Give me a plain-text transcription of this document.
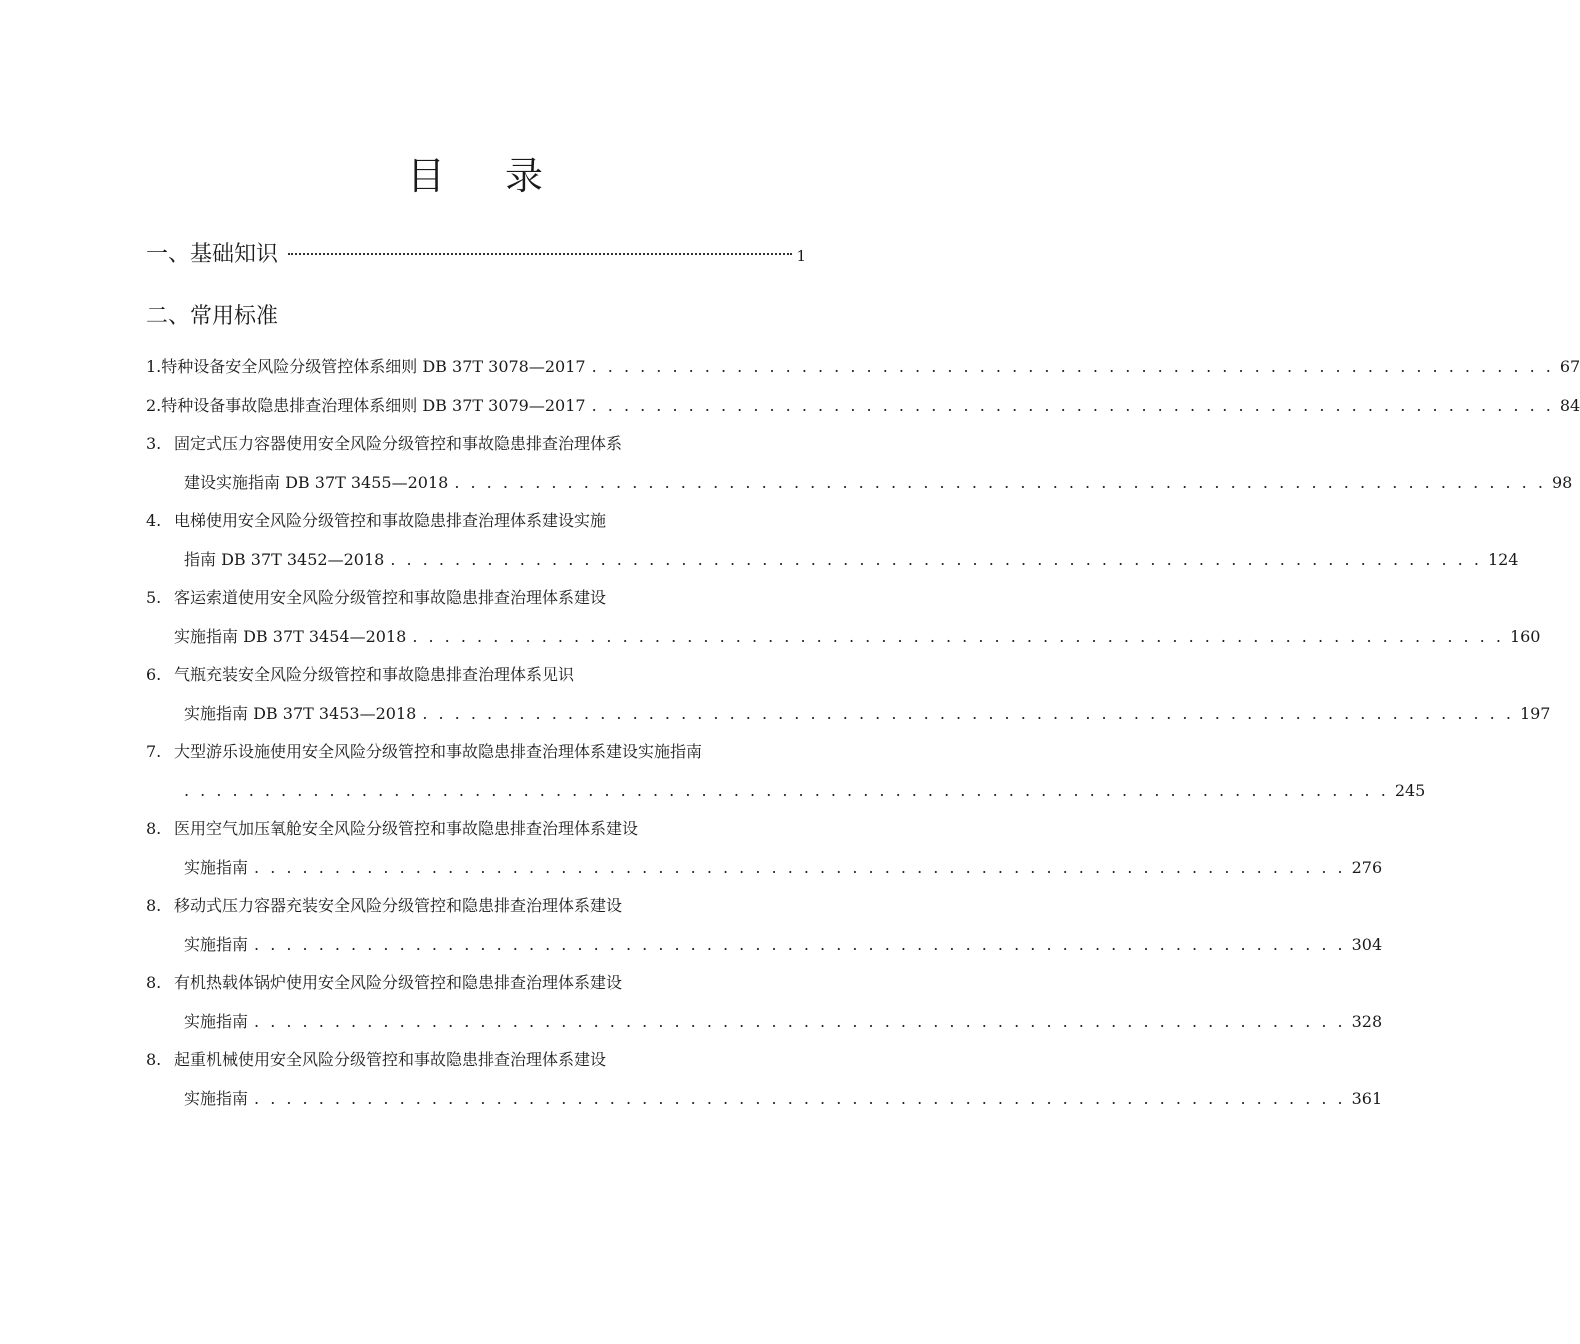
目 录
一、基础知识	1
二、常用标准
1. 特种设备安全风险分级管控体系细则 DB 37T 3078—2017 . . . . . . . . . . . . . . . . . . . . . . . . . . . . . . . . . . . . . . . . . . . . . . . . . . . . . . . . . . . . 67
2. 特种设备事故隐患排查治理体系细则 DB 37T 3079—2017 . . . . . . . . . . . . . . . . . . . . . . . . . . . . . . . . . . . . . . . . . . . . . . . . . . . . . . . . . . . . 84
3. 固定式压力容器使用安全风险分级管控和事故隐患排查治理体系
建设实施指南 DB 37T 3455—2018 . . . . . . . . . . . . . . . . . . . . . . . . . . . . . . . . . . . . . . . . . . . . . . . . . . . . . . . . . . . . . . . . . . . . 98
4. 电梯使用安全风险分级管控和事故隐患排查治理体系建设实施
指南 DB 37T 3452—2018 . . . . . . . . . . . . . . . . . . . . . . . . . . . . . . . . . . . . . . . . . . . . . . . . . . . . . . . . . . . . . . . . . . . . 124
5. 客运索道使用安全风险分级管控和事故隐患排查治理体系建设
实施指南 DB 37T 3454—2018 . . . . . . . . . . . . . . . . . . . . . . . . . . . . . . . . . . . . . . . . . . . . . . . . . . . . . . . . . . . . . . . . . . . . 160
6. 气瓶充装安全风险分级管控和事故隐患排查治理体系见识
实施指南 DB 37T 3453—2018 . . . . . . . . . . . . . . . . . . . . . . . . . . . . . . . . . . . . . . . . . . . . . . . . . . . . . . . . . . . . . . . . . . . . 197
7. 大型游乐设施使用安全风险分级管控和事故隐患排查治理体系建设实施指南
. . . . . . . . . . . . . . . . . . . . . . . . . . . . . . . . . . . . . . . . . . . . . . . . . . . . . . . . . . . . . . . . . . . . . . . . . . . 245
8. 医用空气加压氧舱安全风险分级管控和事故隐患排查治理体系建设
实施指南 . . . . . . . . . . . . . . . . . . . . . . . . . . . . . . . . . . . . . . . . . . . . . . . . . . . . . . . . . . . . . . . . . . . . 276
8. 移动式压力容器充装安全风险分级管控和隐患排查治理体系建设
实施指南 . . . . . . . . . . . . . . . . . . . . . . . . . . . . . . . . . . . . . . . . . . . . . . . . . . . . . . . . . . . . . . . . . . . . 304
8. 有机热载体锅炉使用安全风险分级管控和隐患排查治理体系建设
实施指南 . . . . . . . . . . . . . . . . . . . . . . . . . . . . . . . . . . . . . . . . . . . . . . . . . . . . . . . . . . . . . . . . . . . . 328
8. 起重机械使用安全风险分级管控和事故隐患排查治理体系建设
实施指南 . . . . . . . . . . . . . . . . . . . . . . . . . . . . . . . . . . . . . . . . . . . . . . . . . . . . . . . . . . . . . . . . . . . . 361
